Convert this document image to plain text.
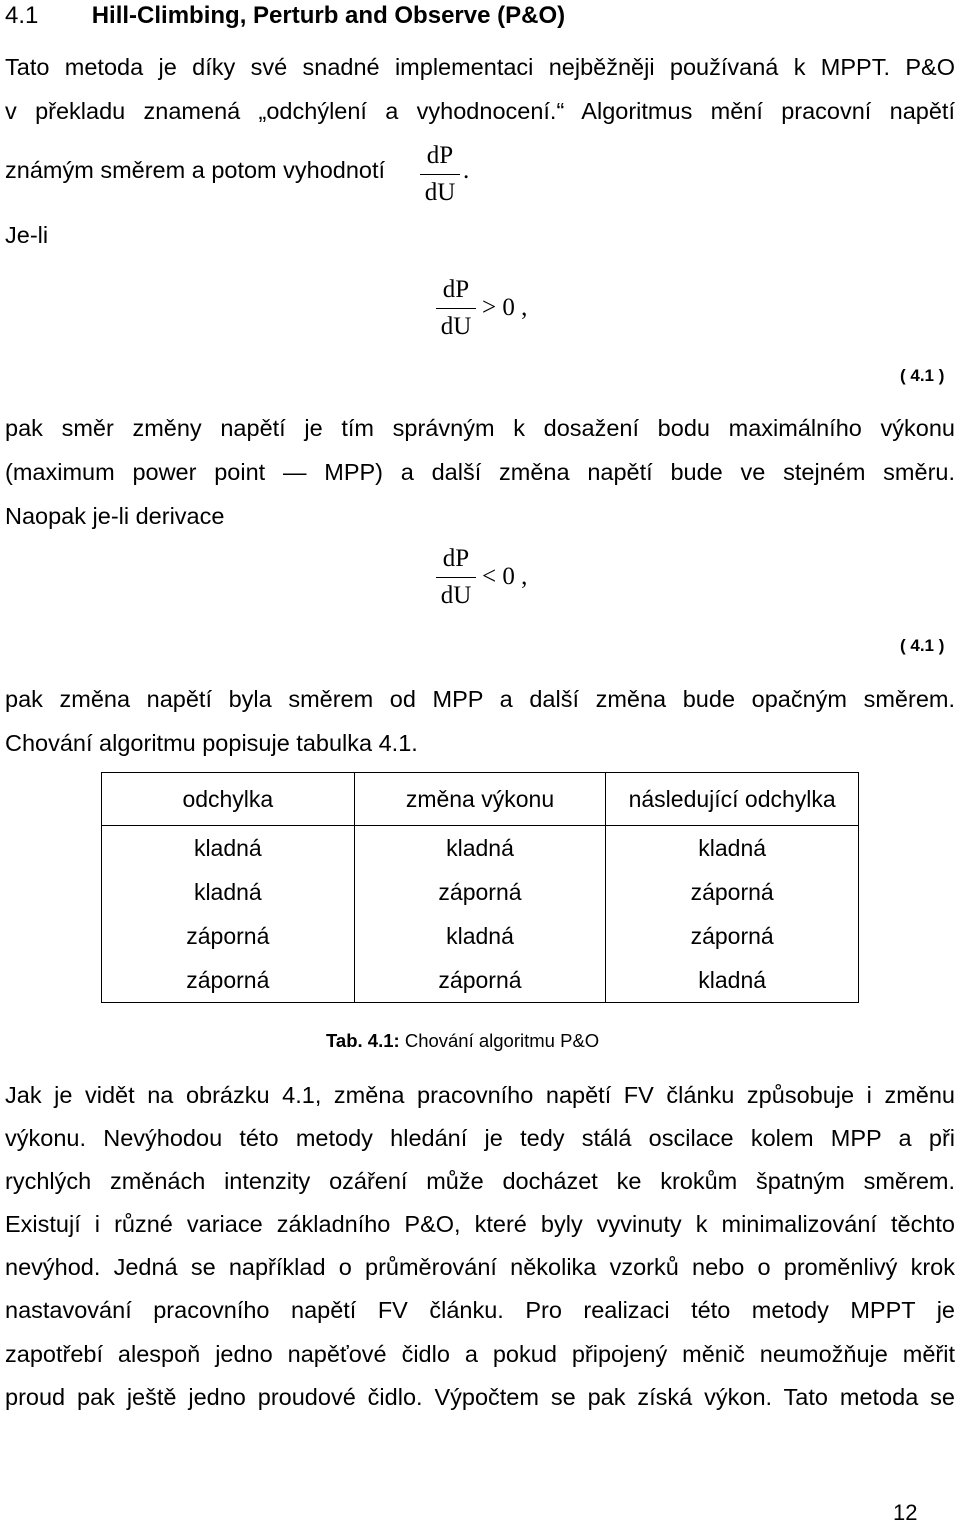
4.1 Hill-Climbing, Perturb and Observe (P&O)
Tato metoda je díky své snadné implementaci nejběžněji používaná k MPPT. P&O
v překladu znamená „odchýlení a vyhodnocení.“ Algoritmus mění pracovní napětí
známým směrem a potom vyhodnotí $\frac{dP}{dU}$ .
Je-li
$\frac{dP}{dU} > 0$ ,
( 4.1 )
pak směr změny napětí je tím správným k dosažení bodu maximálního výkonu
(maximum power point — MPP) a další změna napětí bude ve stejném směru.
Naopak je-li derivace
$\frac{dP}{dU} < 0$ ,
( 4.1 )
pak změna napětí byla směrem od MPP a další změna bude opačným směrem.
Chování algoritmu popisuje tabulka 4.1.
odchylka	změna výkonu	následující odchylka
kladná	kladná	kladná
kladná	záporná	záporná
záporná	kladná	záporná
záporná	záporná	kladná
Tab. 4.1: Chování algoritmu P&O
Jak je vidět na obrázku 4.1, změna pracovního napětí FV článku způsobuje i změnu
výkonu. Nevýhodou této metody hledání je tedy stálá oscilace kolem MPP a při
rychlých změnách intenzity ozáření může docházet ke krokům špatným směrem.
Existují i různé variace základního P&O, které byly vyvinuty k minimalizování těchto
nevýhod. Jedná se například o průměrování několika vzorků nebo o proměnlivý krok
nastavování pracovního napětí FV článku. Pro realizaci této metody MPPT je
zapotřebí alespoň jedno napěťové čidlo a pokud připojený měnič neumožňuje měřit
proud pak ještě jedno proudové čidlo. Výpočtem se pak získá výkon. Tato metoda se
12
